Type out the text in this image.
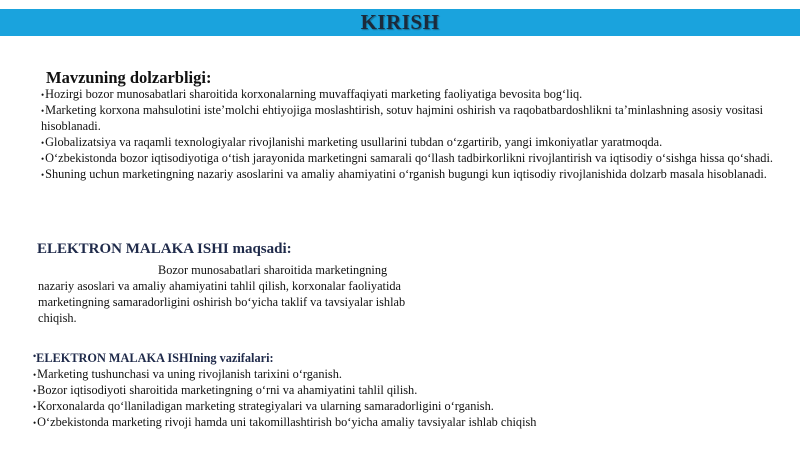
KIRISH
Mavzuning dolzarbligi:
•Hozirgi bozor munosabatlari sharoitida korxonalarning muvaffaqiyati marketing faoliyatiga bevosita bog‘liq.
•Marketing korxona mahsulotini iste’molchi ehtiyojiga moslashtirish, sotuv hajmini oshirish va raqobatbardoshlikni ta’minlashning asosiy vositasi hisoblanadi.
•Globalizatsiya va raqamli texnologiyalar rivojlanishi marketing usullarini tubdan o‘zgartirib, yangi imkoniyatlar yaratmoqda.
•O‘zbekistonda bozor iqtisodiyotiga o‘tish jarayonida marketingni samarali qo‘llash tadbirkorlikni rivojlantirish va iqtisodiy o‘sishga hissa qo‘shadi.
•Shuning uchun marketingning nazariy asoslarini va amaliy ahamiyatini o‘rganish bugungi kun iqtisodiy rivojlanishida dolzarb masala hisoblanadi.
ELEKTRON MALAKA ISHI maqsadi:

Bozor munosabatlari sharoitida marketingning nazariy asoslari va amaliy ahamiyatini tahlil qilish, korxonalar faoliyatida marketingning samaradorligini oshirish bo‘yicha taklif va tavsiyalar ishlab chiqish.

•ELEKTRON MALAKA ISHIning vazifalari:
•Marketing tushunchasi va uning rivojlanish tarixini o‘rganish.
•Bozor iqtisodiyoti sharoitida marketingning o‘rni va ahamiyatini tahlil qilish.
•Korxonalarda qo‘llaniladigan marketing strategiyalari va ularning samaradorligini o‘rganish.
•O‘zbekistonda marketing rivoji hamda uni takomillashtirish bo‘yicha amaliy tavsiyalar ishlab chiqish
